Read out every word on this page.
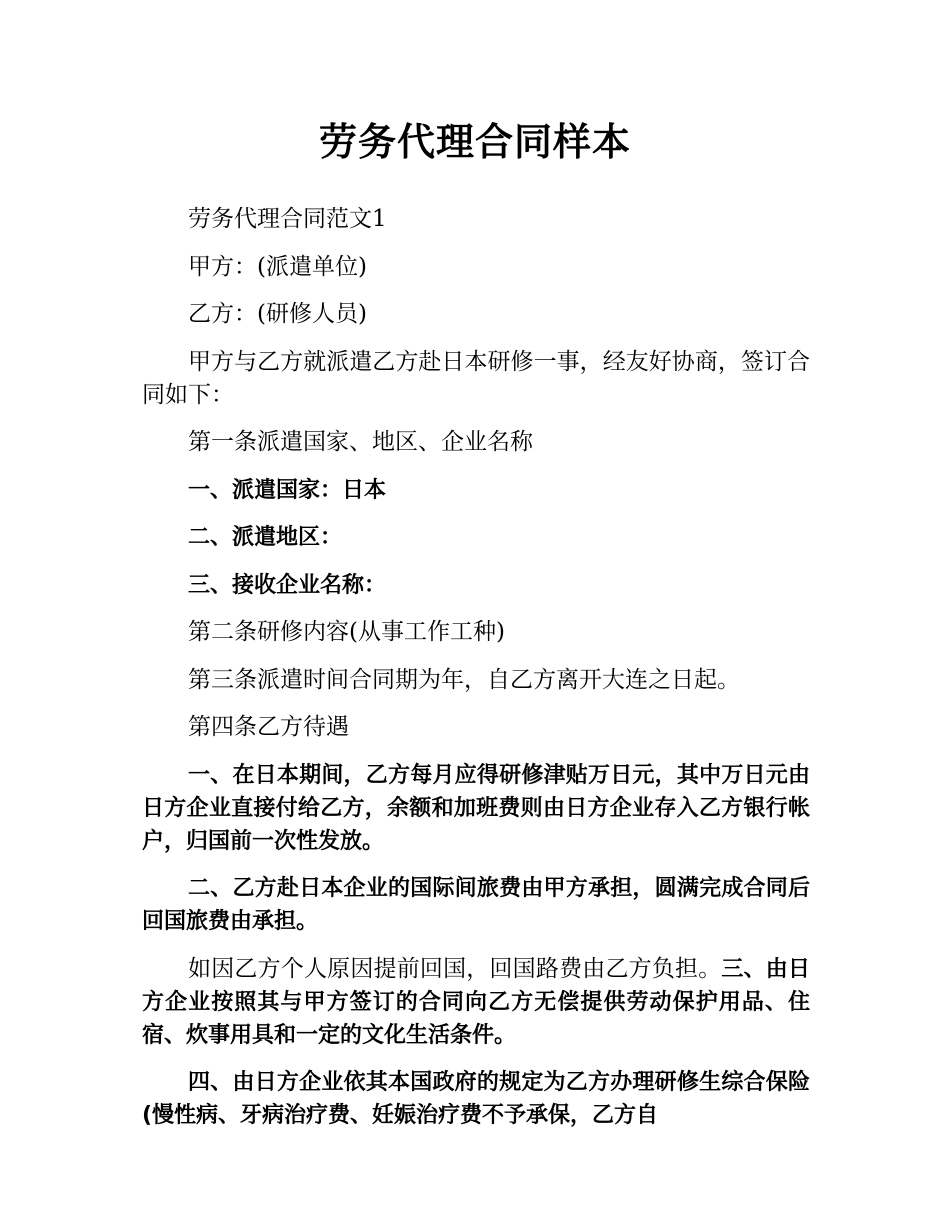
劳务代理合同样本

劳务代理合同范文1

甲方：(派遣单位)

乙方：(研修人员)

甲方与乙方就派遣乙方赴日本研修一事，经友好协商，签订合同如下：

第一条派遣国家、地区、企业名称

一、派遣国家：日本

二、派遣地区：

三、接收企业名称：

第二条研修内容(从事工作工种)

第三条派遣时间合同期为年，自乙方离开大连之日起。

第四条乙方待遇

一、在日本期间，乙方每月应得研修津贴万日元，其中万日元由日方企业直接付给乙方，余额和加班费则由日方企业存入乙方银行帐户，归国前一次性发放。

二、乙方赴日本企业的国际间旅费由甲方承担，圆满完成合同后回国旅费由承担。

如因乙方个人原因提前回国，回国路费由乙方负担。三、由日方企业按照其与甲方签订的合同向乙方无偿提供劳动保护用品、住宿、炊事用具和一定的文化生活条件。

四、由日方企业依其本国政府的规定为乙方办理研修生综合保险(慢性病、牙病治疗费、妊娠治疗费不予承保，乙方自
